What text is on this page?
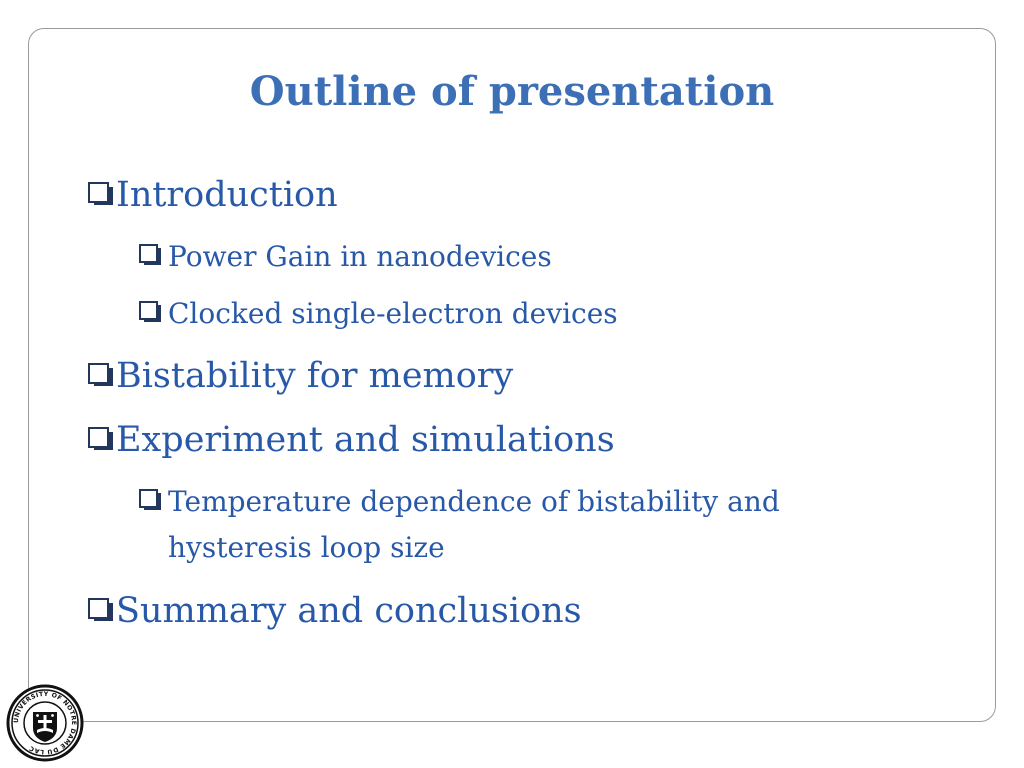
Outline of presentation
Introduction
Power Gain in nanodevices
Clocked single-electron devices
Bistability for memory
Experiment and simulations
Temperature dependence of bistability and hysteresis loop size
Summary and conclusions
UNIVERSITY OF NOTRE DAME DU LAC
